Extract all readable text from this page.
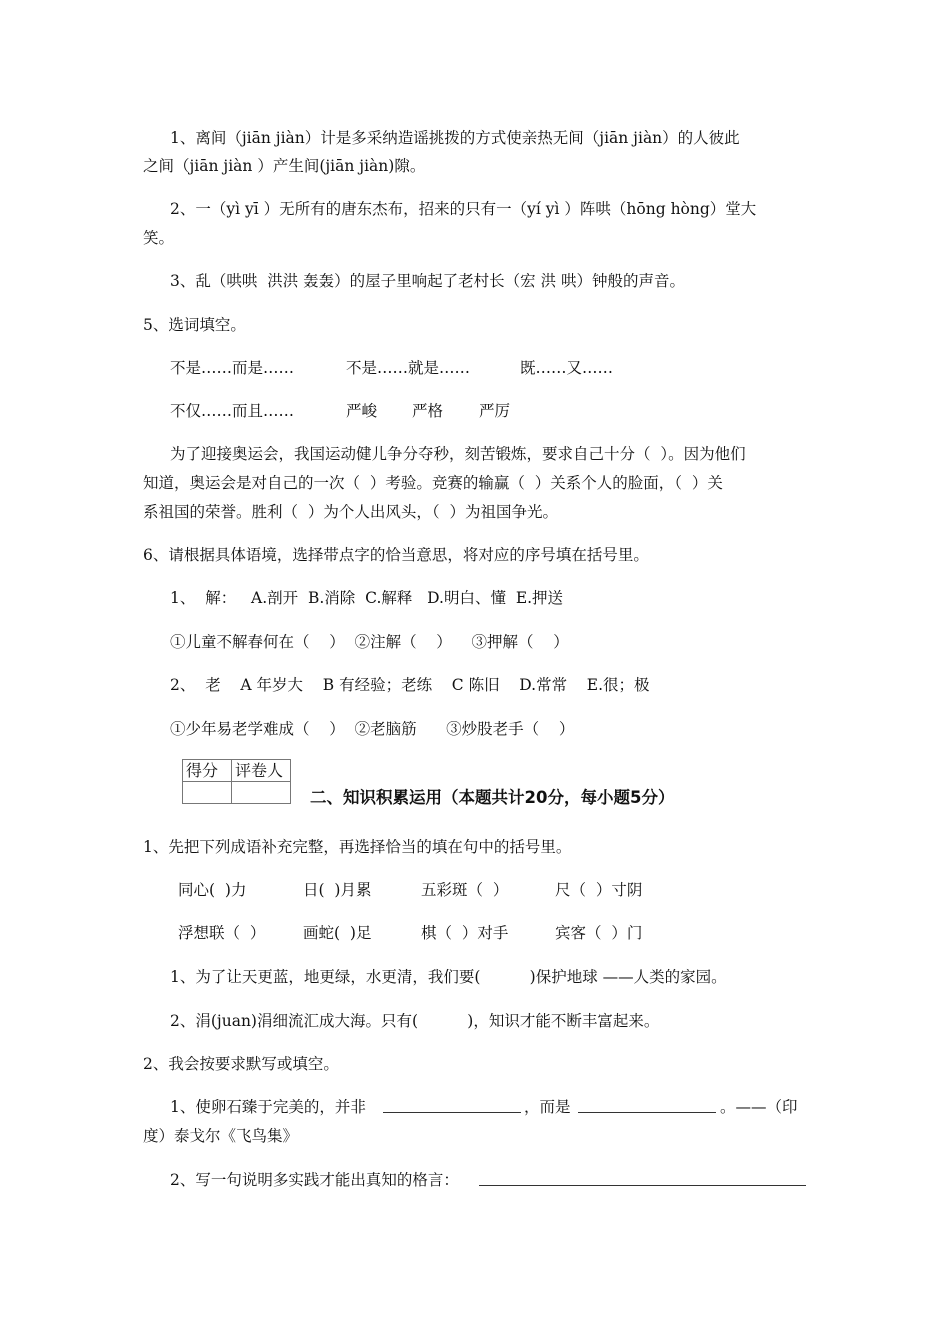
1、离间（jiān jiàn）计是多采纳造谣挑拨的方式使亲热无间（jiān jiàn）的人彼此
之间（jiān jiàn ）产生间(jiān jiàn)隙。
2、一（yì yī ）无所有的唐东杰布，招来的只有一（yí yì ）阵哄（hōng hòng）堂大
笑。
3、乱（哄哄  洪洪 轰轰）的屋子里响起了老村长（宏 洪 哄）钟般的声音。
5、选词填空。
不是……而是……	不是……就是……	既……又……
不仅……而且……	严峻 严格 严厉
为了迎接奥运会，我国运动健儿争分夺秒，刻苦锻炼，要求自己十分（  ）。因为他们
知道，奥运会是对自己的一次（  ）考验。竞赛的输赢（  ）关系个人的脸面，（  ）关
系祖国的荣誉。胜利（  ）为个人出风头，（  ）为祖国争光。
6、请根据具体语境，选择带点字的恰当意思，将对应的序号填在括号里。
1、  解：   A.剖开  B.消除  C.解释   D.明白、懂  E.押送
①儿童不解春何在（    ）  ②注解（    ）    ③押解（    ）
2、  老    A 年岁大    B 有经验；老练    C 陈旧    D.常常    E.很；极
①少年易老学难成（    ）  ②老脑筋      ③炒股老手（    ）
得分	评卷人

二、知识积累运用（本题共计20分，每小题5分）
1、先把下列成语补充完整，再选择恰当的填在句中的括号里。
同心(  )力	日(  )月累	五彩斑（  ）	尺（  ）寸阴
浮想联（  ） 画蛇(  )足	棋（  ）对手	宾客（  ）门
1、为了让天更蓝，地更绿，水更清，我们要(          )保护地球 ——人类的家园。
2、涓(juan)涓细流汇成大海。只有(          )，知识才能不断丰富起来。
2、我会按要求默写或填空。
1、使卵石臻于完美的，并非	，而是	。——（印
度）泰戈尔《飞鸟集》
2、写一句说明多实践才能出真知的格言：
